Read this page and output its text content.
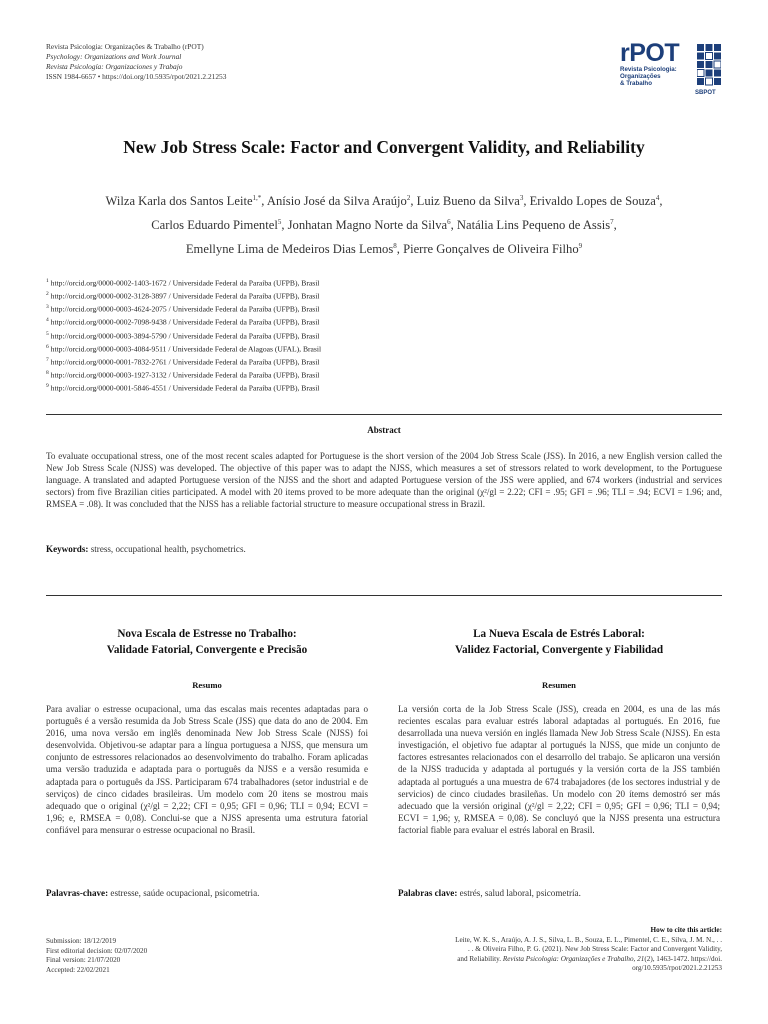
Revista Psicologia: Organizações & Trabalho (rPOT)
Psychology: Organizations and Work Journal
Revista Psicología: Organizaciones y Trabajo
ISSN 1984-6657 • https://doi.org/10.5935/rpot/2021.2.21253
rPOT
Revista Psicologia:
Organizações
& Trabalho
SBPOT
New Job Stress Scale: Factor and Convergent Validity, and Reliability
Wilza Karla dos Santos Leite$^{1,*}$, Anísio José da Silva Araújo$^2$, Luiz Bueno da Silva$^3$, Erivaldo Lopes de Souza$^4$,
Carlos Eduardo Pimentel$^5$, Jonhatan Magno Norte da Silva$^6$, Natália Lins Pequeno de Assis$^7$,
Emellyne Lima de Medeiros Dias Lemos$^8$, Pierre Gonçalves de Oliveira Filho$^9$
$^1$ http://orcid.org/0000-0002-1403-1672 / Universidade Federal da Paraíba (UFPB), Brasil
$^2$ http://orcid.org/0000-0002-3128-3897 / Universidade Federal da Paraíba (UFPB), Brasil
$^3$ http://orcid.org/0000-0003-4624-2075 / Universidade Federal da Paraíba (UFPB), Brasil
$^4$ http://orcid.org/0000-0002-7098-9438 / Universidade Federal da Paraíba (UFPB), Brasil
$^5$ http://orcid.org/0000-0003-3894-5790 / Universidade Federal da Paraíba (UFPB), Brasil
$^6$ http://orcid.org/0000-0003-4084-9511 / Universidade Federal de Alagoas (UFAL), Brasil
$^7$ http://orcid.org/0000-0001-7832-2761 / Universidade Federal da Paraíba (UFPB), Brasil
$^8$ http://orcid.org/0000-0003-1927-3132 / Universidade Federal da Paraíba (UFPB), Brasil
$^9$ http://orcid.org/0000-0001-5846-4551 / Universidade Federal da Paraíba (UFPB), Brasil
Abstract
To evaluate occupational stress, one of the most recent scales adapted for Portuguese is the short version of the 2004 Job Stress Scale (JSS). In 2016, a new English version called the New Job Stress Scale (NJSS) was developed. The objective of this paper was to adapt the NJSS, which measures a set of stressors related to work development, to the Portuguese language. A translated and adapted Portuguese version of the NJSS and the short and adapted Portuguese version of the JSS were applied, and 674 workers (industrial and services sectors) from five Brazilian cities participated. A model with 20 items proved to be more adequate than the original (χ²/gl = 2.22; CFI = .95; GFI = .96; TLI = .94; ECVI = 1.96; and, RMSEA = .08). It was concluded that the NJSS has a reliable factorial structure to measure occupational stress in Brazil.
Keywords: stress, occupational health, psychometrics.
Nova Escala de Estresse no Trabalho:
Validade Fatorial, Convergente e Precisão
Resumo
Para avaliar o estresse ocupacional, uma das escalas mais recentes adaptadas para o português é a versão resumida da Job Stress Scale (JSS) que data do ano de 2004. Em 2016, uma nova versão em inglês denominada New Job Stress Scale (NJSS) foi desenvolvida. Objetivou-se adaptar para a língua portuguesa a NJSS, que mensura um conjunto de estressores relacionados ao desenvolvimento do trabalho. Foram aplicadas uma versão traduzida e adaptada para o português da NJSS e a versão resumida e adaptada para o português da JSS. Participaram 674 trabalhadores (setor industrial e de serviços) de cinco cidades brasileiras. Um modelo com 20 itens se mostrou mais adequado que o original (χ²/gl = 2,22; CFI = 0,95; GFI = 0,96; TLI = 0,94; ECVI = 1,96; e, RMSEA = 0,08). Conclui-se que a NJSS apresenta uma estrutura fatorial confiável para mensurar o estresse ocupacional no Brasil.
Palavras-chave: estresse, saúde ocupacional, psicometria.
La Nueva Escala de Estrés Laboral:
Validez Factorial, Convergente y Fiabilidad
Resumen
La versión corta de la Job Stress Scale (JSS), creada en 2004, es una de las más recientes escalas para evaluar estrés laboral adaptadas al portugués. En 2016, fue desarrollada una nueva versión en inglés llamada New Job Stress Scale (NJSS). En esta investigación, el objetivo fue adaptar al portugués la NJSS, que mide un conjunto de factores estresantes relacionados con el desarrollo del trabajo. Se aplicaron una versión de la NJSS traducida y adaptada al portugués y la versión corta de la JSS también adaptada al portugués a una muestra de 674 trabajadores (de los sectores industrial y de servicios) de cinco ciudades brasileñas. Un modelo con 20 ítems demostró ser más adecuado que la versión original (χ²/gl = 2,22; CFI = 0,95; GFI = 0,96; TLI = 0,94; ECVI = 1,96; y, RMSEA = 0,08). Se concluyó que la NJSS presenta una estructura factorial fiable para evaluar el estrés laboral en Brasil.
Palabras clave: estrés, salud laboral, psicometría.
Submission: 18/12/2019
First editorial decision: 02/07/2020
Final version: 21/07/2020
Accepted: 22/02/2021
How to cite this article:
Leite, W. K. S., Araújo, A. J. S., Silva, L. B., Souza, E. L., Pimentel, C. E., Silva, J. M. N., . .
. . & Oliveira Filho, P. G. (2021). New Job Stress Scale: Factor and Convergent Validity,
and Reliability. Revista Psicologia: Organizações e Trabalho, 21(2), 1463-1472. https://doi.
org/10.5935/rpot/2021.2.21253
